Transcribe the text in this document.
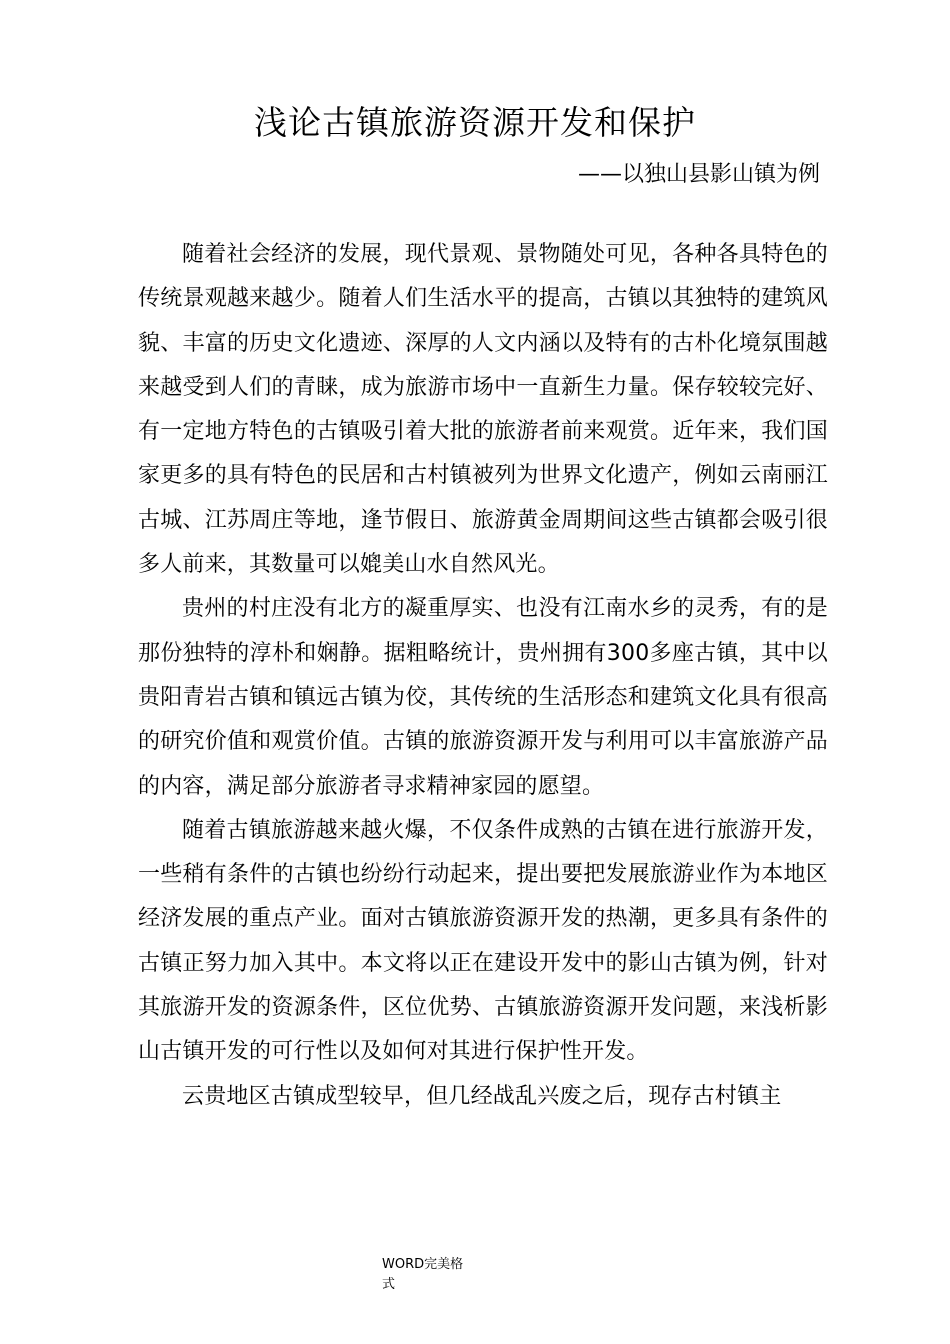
浅论古镇旅游资源开发和保护

——以独山县影山镇为例

随着社会经济的发展，现代景观、景物随处可见，各种各具特色的传统景观越来越少。随着人们生活水平的提高，古镇以其独特的建筑风貌、丰富的历史文化遗迹、深厚的人文内涵以及特有的古朴化境氛围越来越受到人们的青睐，成为旅游市场中一直新生力量。保存较较完好、有一定地方特色的古镇吸引着大批的旅游者前来观赏。近年来，我们国家更多的具有特色的民居和古村镇被列为世界文化遗产，例如云南丽江古城、江苏周庄等地，逢节假日、旅游黄金周期间这些古镇都会吸引很多人前来，其数量可以媲美山水自然风光。

贵州的村庄没有北方的凝重厚实、也没有江南水乡的灵秀，有的是那份独特的淳朴和娴静。据粗略统计，贵州拥有300多座古镇，其中以贵阳青岩古镇和镇远古镇为佼，其传统的生活形态和建筑文化具有很高的研究价值和观赏价值。古镇的旅游资源开发与利用可以丰富旅游产品的内容，满足部分旅游者寻求精神家园的愿望。

随着古镇旅游越来越火爆，不仅条件成熟的古镇在进行旅游开发，一些稍有条件的古镇也纷纷行动起来，提出要把发展旅游业作为本地区经济发展的重点产业。面对古镇旅游资源开发的热潮，更多具有条件的古镇正努力加入其中。本文将以正在建设开发中的影山古镇为例，针对其旅游开发的资源条件，区位优势、古镇旅游资源开发问题，来浅析影山古镇开发的可行性以及如何对其进行保护性开发。

云贵地区古镇成型较早，但几经战乱兴废之后，现存古村镇主

WORD完美格式
